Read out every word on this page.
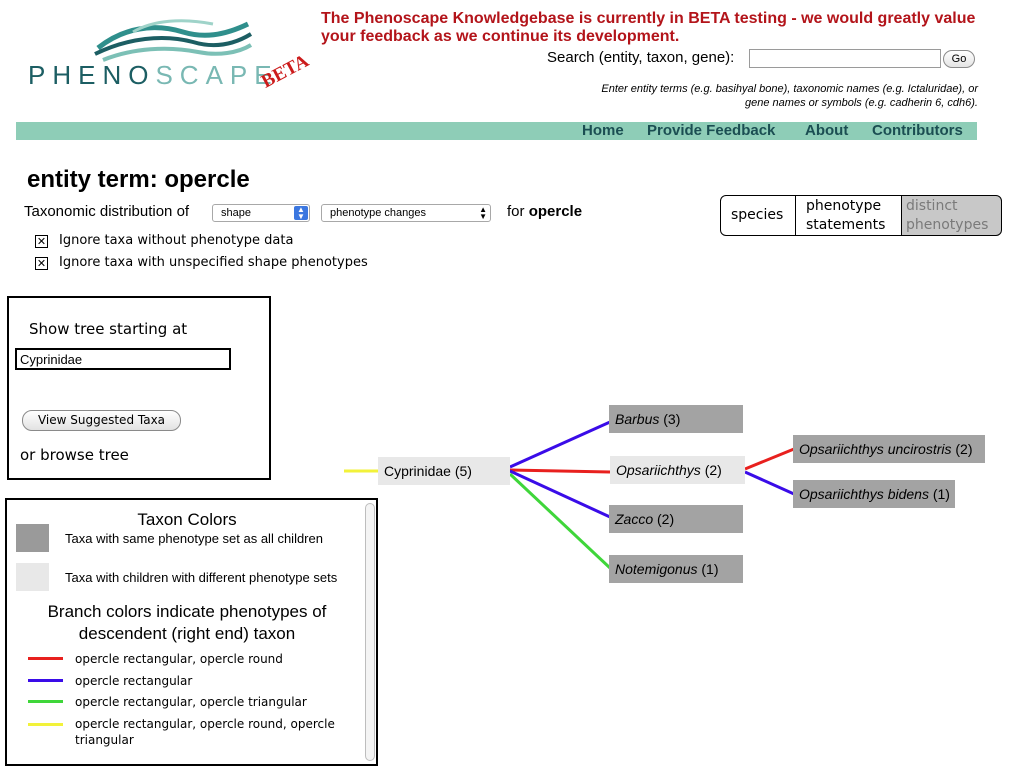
PHENOSCAPE
BETA
The Phenoscape Knowledgebase is currently in BETA testing - we would greatly value your feedback as we continue its development.
Search (entity, taxon, gene):	Go
Enter entity terms (e.g. basihyal bone), taxonomic names (e.g. Ictaluridae), or gene names or symbols (e.g. cadherin 6, cdh6).
Home Provide Feedback About Contributors
entity term: opercle
Taxonomic distribution of	shape	▲
▼	phenotype changes	▲
▼ for opercle
✕ Ignore taxa without phenotype data
✕ Ignore taxa with unspecified shape phenotypes
species
phenotype statements
distinct phenotypes
Show tree starting at
Cyprinidae
View Suggested Taxa
or browse tree
Taxon Colors
Taxa with same phenotype set as all children
Taxa with children with different phenotype sets
Branch colors indicate phenotypes of descendent (right end) taxon
opercle rectangular, opercle round
opercle rectangular
opercle rectangular, opercle triangular
opercle rectangular, opercle round, opercle triangular
Cyprinidae (5)
Barbus (3)
Opsariichthys (2)
Zacco (2)
Notemigonus (1)
Opsariichthys uncirostris (2)
Opsariichthys bidens (1)
